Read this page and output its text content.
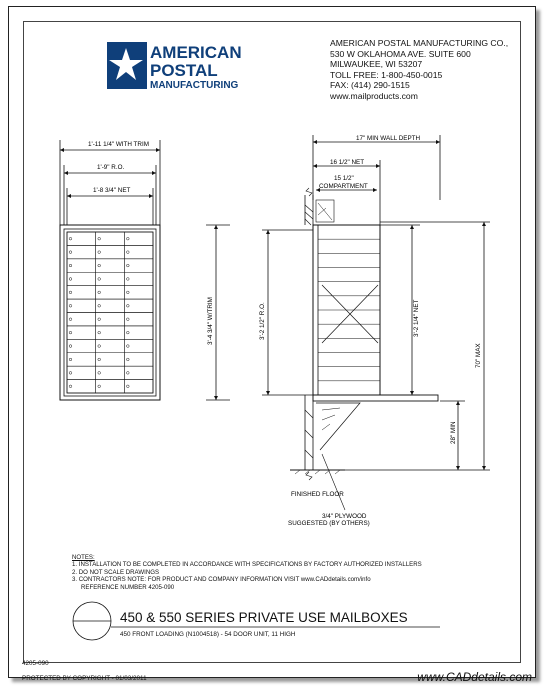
AMERICAN POSTAL MANUFACTURING CO.,
530 W OKLAHOMA AVE. SUITE 600
MILWAUKEE, WI 53207
TOLL FREE: 1-800-450-0015
FAX: (414) 290-1515
www.mailproducts.com
AMERICAN
POSTAL
MANUFACTURING
1'-11 1/4" WITH TRIM
1'-9" R.O.
1'-8 3/4" NET
3'-4 3/4" W/TRIM
17" MIN WALL DEPTH
16 1/2" NET
15 1/2"
COMPARTMENT
3'-2 1/2" R.O.	3'-2 1/4" NET
70" MAX
28" MIN
FINISHED FLOOR
3/4" PLYWOOD
SUGGESTED (BY OTHERS)
NOTES:
1. INSTALLATION TO BE COMPLETED IN ACCORDANCE WITH SPECIFICATIONS BY FACTORY AUTHORIZED INSTALLERS
2. DO NOT SCALE DRAWINGS
3. CONTRACTORS NOTE: FOR PRODUCT AND COMPANY INFORMATION VISIT www.CADdetails.com/info
REFERENCE NUMBER 4205-090
450 & 550 SERIES PRIVATE USE MAILBOXES
450 FRONT LOADING (N1004518) - 54 DOOR UNIT, 11 HIGH
4205-090
PROTECTED BY COPYRIGHT - 01/03/2011	www.CADdetails.com
